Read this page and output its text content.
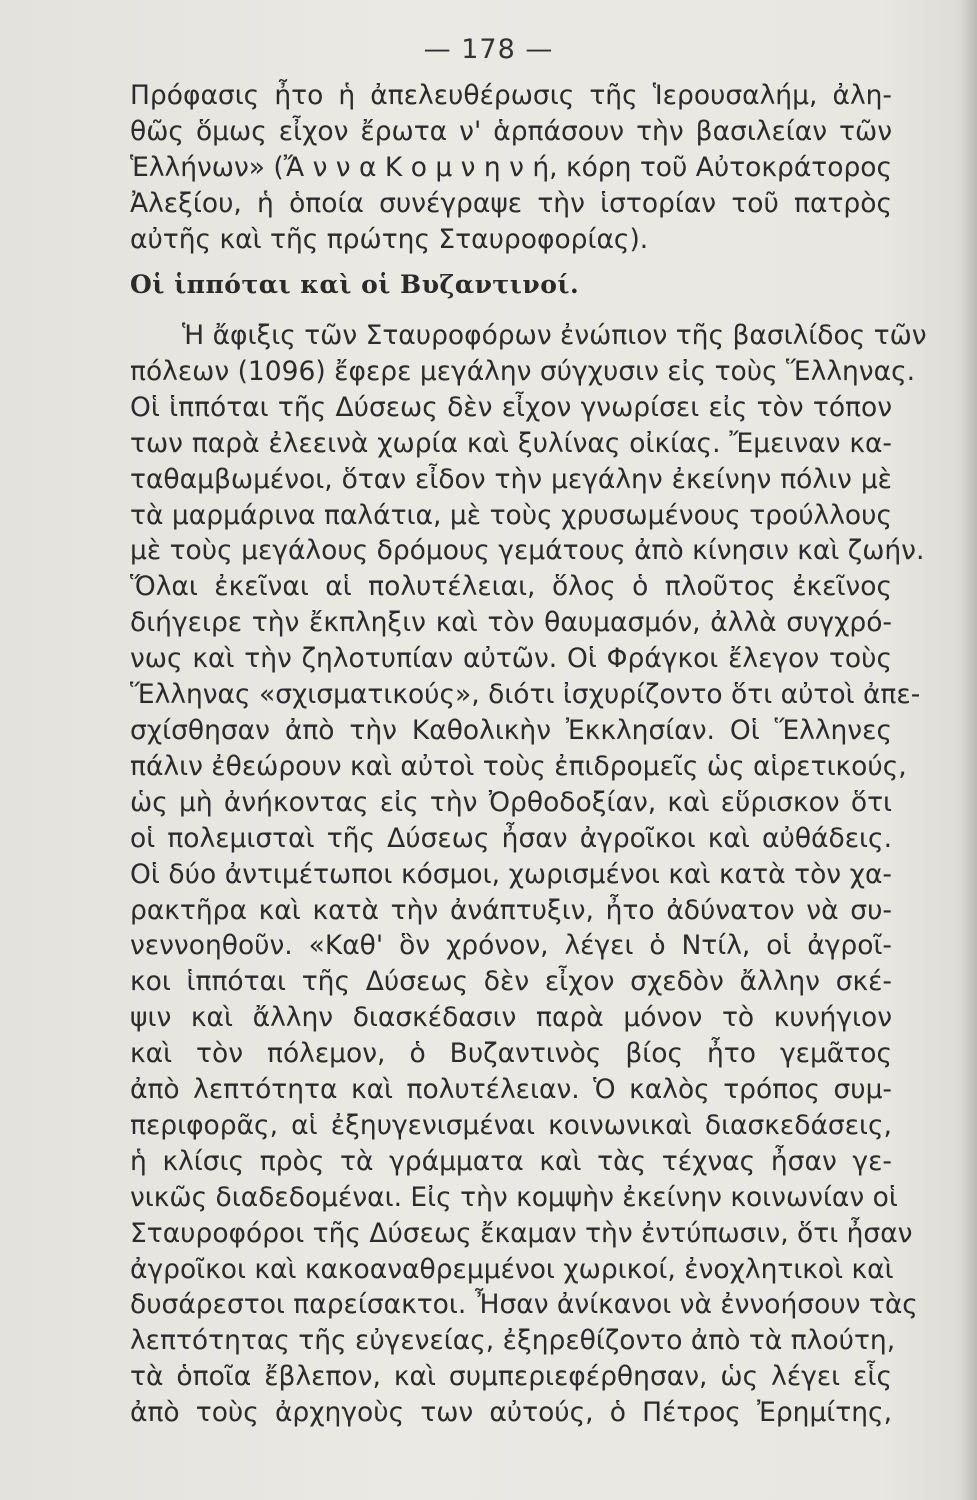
— 178 —
Πρόφασις ἦτο ἡ ἀπελευθέρωσις τῆς Ἱερουσαλήμ, ἀλη-
θῶς ὅμως εἶχον ἔρωτα ν' ἁρπάσουν τὴν βασιλείαν τῶν
Ἑλλήνων» (Ἄ ν ν α Κ ο μ ν η ν ή, κόρη τοῦ Αὐτοκράτορος
Ἀλεξίου, ἡ ὁποία συνέγραψε τὴν ἱστορίαν τοῦ πατρὸς
αὐτῆς καὶ τῆς πρώτης Σταυροφορίας).
Οἱ ἱππόται καὶ οἱ Βυζαντινοί.
Ἡ ἄφιξις τῶν Σταυροφόρων ἐνώπιον τῆς βασιλίδος τῶν
πόλεων (1096) ἔφερε μεγάλην σύγχυσιν εἰς τοὺς Ἕλληνας.
Οἱ ἱππόται τῆς Δύσεως δὲν εἶχον γνωρίσει εἰς τὸν τόπον
των παρὰ ἐλεεινὰ χωρία καὶ ξυλίνας οἰκίας. Ἔμειναν κα-
ταθαμβωμένοι, ὅταν εἶδον τὴν μεγάλην ἐκείνην πόλιν μὲ
τὰ μαρμάρινα παλάτια, μὲ τοὺς χρυσωμένους τρούλλους
μὲ τοὺς μεγάλους δρόμους γεμάτους ἀπὸ κίνησιν καὶ ζωήν.
Ὅλαι ἐκεῖναι αἱ πολυτέλειαι, ὅλος ὁ πλοῦτος ἐκεῖνος
διήγειρε τὴν ἔκπληξιν καὶ τὸν θαυμασμόν, ἀλλὰ συγχρό-
νως καὶ τὴν ζηλοτυπίαν αὐτῶν. Οἱ Φράγκοι ἔλεγον τοὺς
Ἕλληνας «σχισματικούς», διότι ἰσχυρίζοντο ὅτι αὐτοὶ ἀπε-
σχίσθησαν ἀπὸ τὴν Καθολικὴν Ἐκκλησίαν. Οἱ Ἕλληνες
πάλιν ἐθεώρουν καὶ αὐτοὶ τοὺς ἐπιδρομεῖς ὡς αἱρετικούς,
ὡς μὴ ἀνήκοντας εἰς τὴν Ὀρθοδοξίαν, καὶ εὕρισκον ὅτι
οἱ πολεμισταὶ τῆς Δύσεως ἦσαν ἀγροῖκοι καὶ αὐθάδεις.
Οἱ δύο ἀντιμέτωποι κόσμοι, χωρισμένοι καὶ κατὰ τὸν χα-
ρακτῆρα καὶ κατὰ τὴν ἀνάπτυξιν, ἦτο ἀδύνατον νὰ συ-
νεννοηθοῦν. «Καθ' ὃν χρόνον, λέγει ὁ Ντίλ, οἱ ἀγροῖ-
κοι ἱππόται τῆς Δύσεως δὲν εἶχον σχεδὸν ἄλλην σκέ-
ψιν καὶ ἄλλην διασκέδασιν παρὰ μόνον τὸ κυνήγιον
καὶ τὸν πόλεμον, ὁ Βυζαντινὸς βίος ἦτο γεμᾶτος
ἀπὸ λεπτότητα καὶ πολυτέλειαν. Ὁ καλὸς τρόπος συμ-
περιφορᾶς, αἱ ἐξηυγενισμέναι κοινωνικαὶ διασκεδάσεις,
ἡ κλίσις πρὸς τὰ γράμματα καὶ τὰς τέχνας ἦσαν γε-
νικῶς διαδεδομέναι. Εἰς τὴν κομψὴν ἐκείνην κοινωνίαν οἱ
Σταυροφόροι τῆς Δύσεως ἔκαμαν τὴν ἐντύπωσιν, ὅτι ἦσαν
ἀγροῖκοι καὶ κακοαναθρεμμένοι χωρικοί, ἐνοχλητικοὶ καὶ
δυσάρεστοι παρείσακτοι. Ἦσαν ἀνίκανοι νὰ ἐννοήσουν τὰς
λεπτότητας τῆς εὐγενείας, ἐξηρεθίζοντο ἀπὸ τὰ πλούτη,
τὰ ὁποῖα ἔβλεπον, καὶ συμπεριεφέρθησαν, ὡς λέγει εἷς
ἀπὸ τοὺς ἀρχηγοὺς των αὐτούς, ὁ Πέτρος Ἐρημίτης,
